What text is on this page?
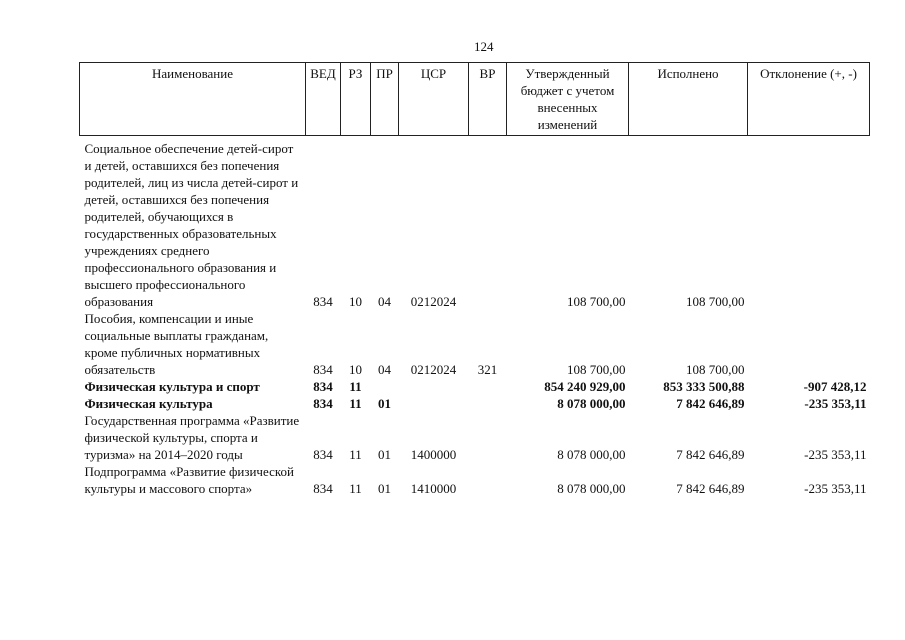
124
Наименование	ВЕД	РЗ	ПР	ЦСР	ВР	Утвержденный бюджет с учетом внесенных изменений	Исполнено	Отклонение (+, -)
Социальное обеспечение детей-сирот и детей, оставшихся без попечения родителей, лиц из числа детей-сирот и детей, оставшихся без попечения родителей, обучающихся в государственных образовательных учреждениях среднего профессионального образования и высшего профессионального образования	834	10	04	0212024		108 700,00	108 700,00	
Пособия, компенсации и иные социальные выплаты гражданам, кроме публичных нормативных обязательств	834	10	04	0212024	321	108 700,00	108 700,00	
Физическая культура и спорт	834	11				854 240 929,00	853 333 500,88	-907 428,12
Физическая культура	834	11	01			8 078 000,00	7 842 646,89	-235 353,11
Государственная программа «Развитие физической культуры, спорта и туризма» на 2014–2020 годы	834	11	01	1400000		8 078 000,00	7 842 646,89	-235 353,11
Подпрограмма «Развитие физической культуры и массового спорта»	834	11	01	1410000		8 078 000,00	7 842 646,89	-235 353,11
